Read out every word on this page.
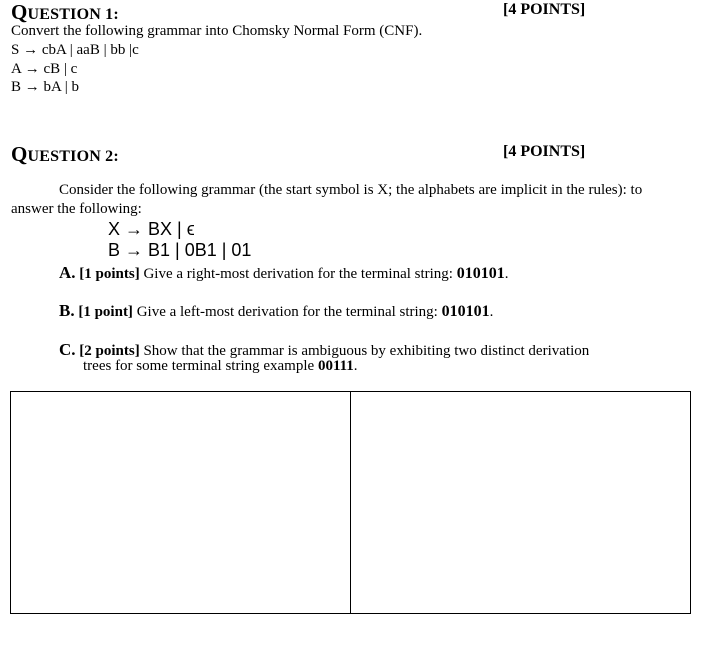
QUESTION 1:	[4 POINTS]
Convert the following grammar into Chomsky Normal Form (CNF).
S → cbA | aaB | bb |c
A → cB | c
B → bA | b
QUESTION 2:	[4 POINTS]
Consider the following grammar (the start symbol is X; the alphabets are implicit in the rules): to
answer the following:
X → BX | ϵ
B → B1 | 0B1 | 01
A. [1 points] Give a right-most derivation for the terminal string: 010101.
B. [1 point] Give a left-most derivation for the terminal string: 010101.
C. [2 points] Show that the grammar is ambiguous by exhibiting two distinct derivation
trees for some terminal string example 00111.
